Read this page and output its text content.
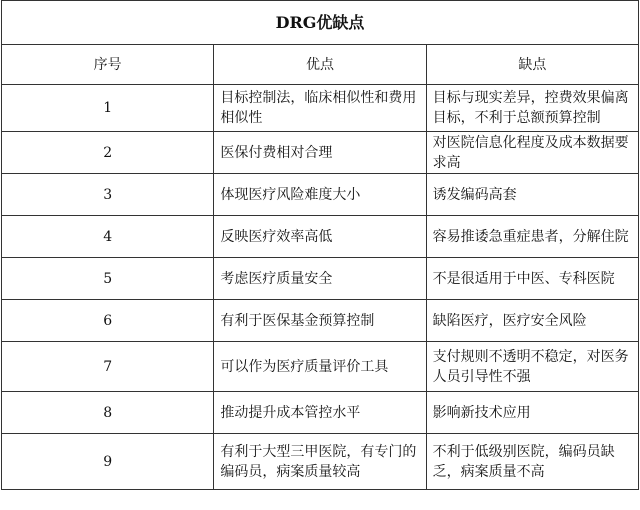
DRG优缺点		
序号	优点	缺点
1	目标控制法，临床相似性和费用相似性	目标与现实差异，控费效果偏离目标，不利于总额预算控制
2	医保付费相对合理	对医院信息化程度及成本数据要求高
3	体现医疗风险难度大小	诱发编码高套
4	反映医疗效率高低	容易推诿急重症患者，分解住院
5	考虑医疗质量安全	不是很适用于中医、专科医院
6	有利于医保基金预算控制	缺陷医疗，医疗安全风险
7	可以作为医疗质量评价工具	支付规则不透明不稳定，对医务人员引导性不强
8	推动提升成本管控水平	影响新技术应用
9	有利于大型三甲医院，有专门的编码员，病案质量较高	不利于低级别医院，编码员缺乏，病案质量不高
